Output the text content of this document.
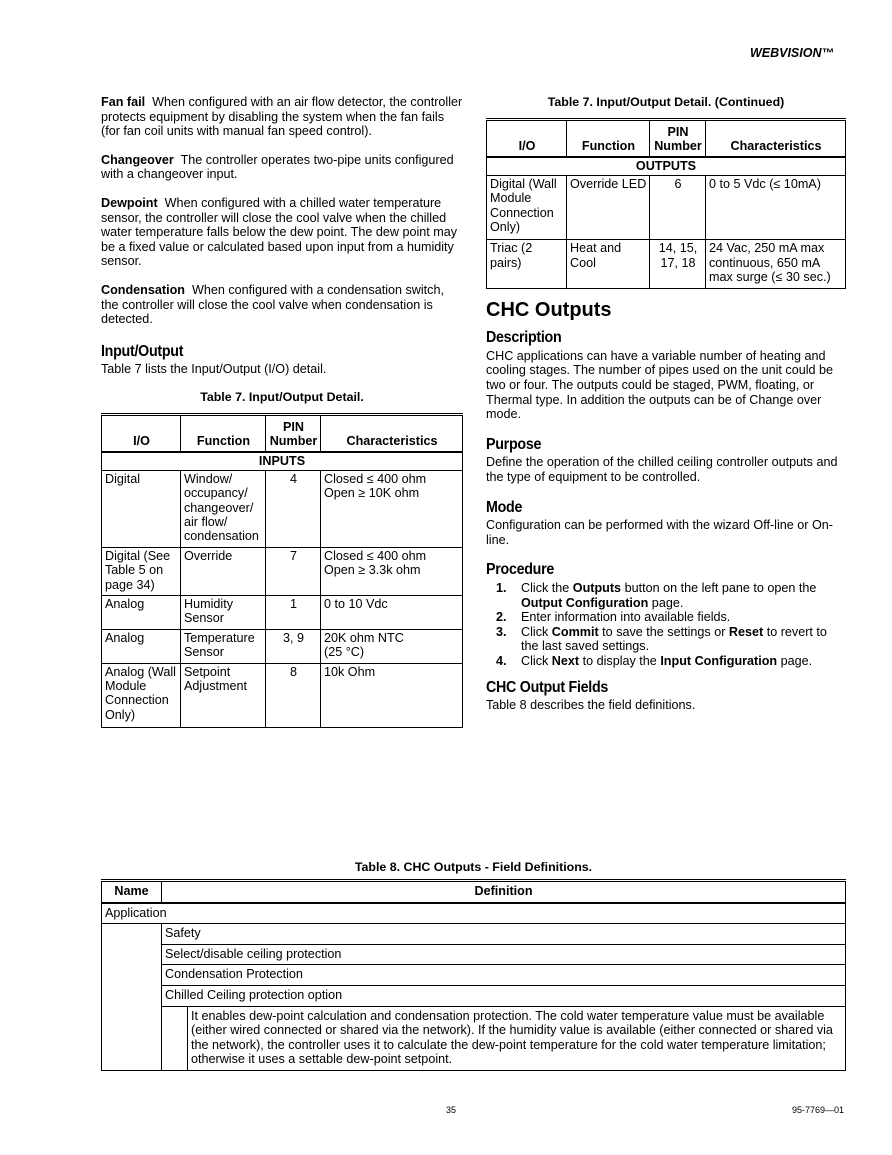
WEBVISION™

Fan fail When configured with an air flow detector, the controller protects equipment by disabling the system when the fan fails (for fan coil units with manual fan speed control).

Changeover The controller operates two-pipe units configured with a changeover input.

Dewpoint When configured with a chilled water temperature sensor, the controller will close the cool valve when the chilled water temperature falls below the dew point. The dew point may be a fixed value or calculated based upon input from a humidity sensor.

Condensation When configured with a condensation switch, the controller will close the cool valve when condensation is detected.

Input/Output

Table 7 lists the Input/Output (I/O) detail.

Table 7. Input/Output Detail.
I/O	Function	PIN Number	Characteristics
INPUTS			
Digital	Window/ occupancy/ changeover/ air flow/ condensation	4	Closed ≤ 400 ohm
Open ≥ 10K ohm

Digital (See Table 5 on page 34)	Override	7	Closed ≤ 400 ohm
Open ≥ 3.3k ohm

Analog	Humidity Sensor	1	0 to 10 Vdc

Analog	Temperature Sensor	3, 9	20K ohm NTC
(25 °C)

Analog (Wall Module Connection Only)	Setpoint Adjustment	8	10k Ohm
Table 7. Input/Output Detail. (Continued)
I/O	Function	PIN Number	Characteristics
OUTPUTS			
Digital (Wall Module Connection Only)	Override LED	6	0 to 5 Vdc (≤ 10mA)
Triac (2 pairs)	Heat and Cool	14, 15, 17, 18	24 Vac, 250 mA max continuous, 650 mA max surge (≤ 30 sec.)
CHC Outputs
Description

CHC applications can have a variable number of heating and cooling stages. The number of pipes used on the unit could be two or four. The outputs could be staged, PWM, floating, or Thermal type. In addition the outputs can be of Change over mode.

Purpose

Define the operation of the chilled ceiling controller outputs and the type of equipment to be controlled.

Mode

Configuration can be performed with the wizard Off-line or On-line.

Procedure
1. Click the Outputs button on the left pane to open the Output Configuration page.
2. Enter information into available fields.
3. Click Commit to save the settings or Reset to revert to the last saved settings.
4. Click Next to display the Input Configuration page.
CHC Output Fields

Table 8 describes the field definitions.

Table 8. CHC Outputs - Field Definitions.
Name	Definition	
Application		
	Safety	
	Select/disable ceiling protection	
	Condensation Protection	
	Chilled Ceiling protection option	
		It enables dew-point calculation and condensation protection. The cold water temperature value must be available (either wired connected or shared via the network). If the humidity value is available (either connected or shared via the network), the controller uses it to calculate the dew-point temperature for the cold water temperature limitation; otherwise it uses a settable dew-point setpoint.
35	95-7769—01
